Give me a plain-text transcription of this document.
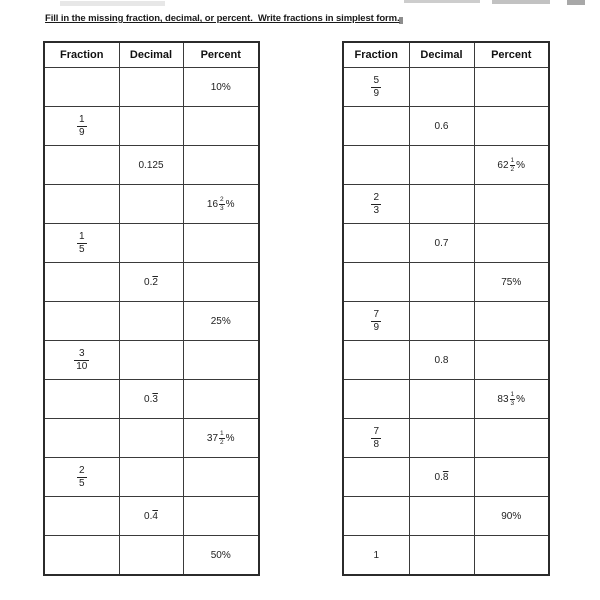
Fill in the missing fraction, decimal, or percent.  Write fractions in simplest form.
Fraction	Decimal	Percent
		10%

$\frac{1}{9}$

	0.125	

		$16 \frac{2}{3}$ %

$\frac{1}{5}$

	0.2	
		25%

$\frac{3}{10}$

	0.3	

		$37 \frac{1}{2}$ %

$\frac{2}{5}$

	0.4	
		50%
Fraction	Decimal	Percent

$\frac{5}{9}$

	0.6	

		$62 \frac{1}{2}$ %

$\frac{2}{3}$

	0.7	
		75%

$\frac{7}{9}$

	0.8	

		$83 \frac{1}{3}$ %

$\frac{7}{8}$

	0.8	
		90%
1		
